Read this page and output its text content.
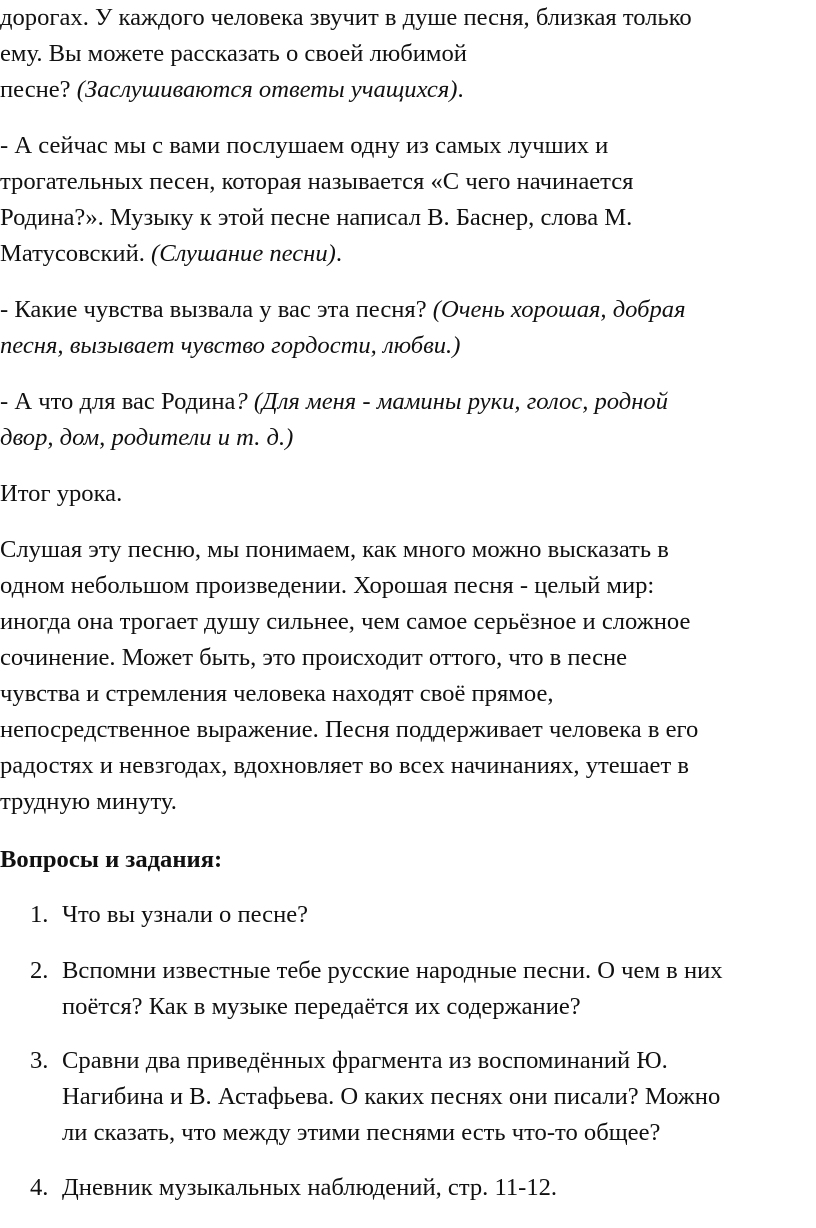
дорогах. У каждого человека звучит в душе песня, близкая только
ему. Вы можете рассказать о своей любимой
песне? (Заслушиваются ответы учащихся).

- А сейчас мы с вами послушаем одну из самых лучших и
трогательных песен, которая называется «С чего начинается
Родина?». Музыку к этой песне написал В. Баснер, слова М.
Матусовский. (Слушание песни).

- Какие чувства вызвала у вас эта песня? (Очень хорошая, добрая
песня, вызывает чувство гордости, любви.)

- А что для вас Родина? (Для меня - мамины руки, голос, родной
двор, дом, родители и т. д.)

Итог урока.

Слушая эту песню, мы понимаем, как много можно высказать в
одном небольшом произведении. Хорошая песня - целый мир:
иногда она трогает душу сильнее, чем самое серьёзное и сложное
сочинение. Может быть, это происходит оттого, что в песне
чувства и стремления человека находят своё прямое,
непосредственное выражение. Песня поддерживает человека в его
радостях и невзгодах, вдохновляет во всех начинаниях, утешает в
трудную минуту.

Вопросы и задания:

1. Что вы узнали о песне?
2. Вспомни известные тебе русские народные песни. О чем в них
поётся? Как в музыке передаётся их содержание?
3. Сравни два приведённых фрагмента из воспоминаний Ю.
Нагибина и В. Астафьева. О каких песнях они писали? Можно
ли сказать, что между этими песнями есть что-то общее?
4. Дневник музыкальных наблюдений, стр. 11-12.
